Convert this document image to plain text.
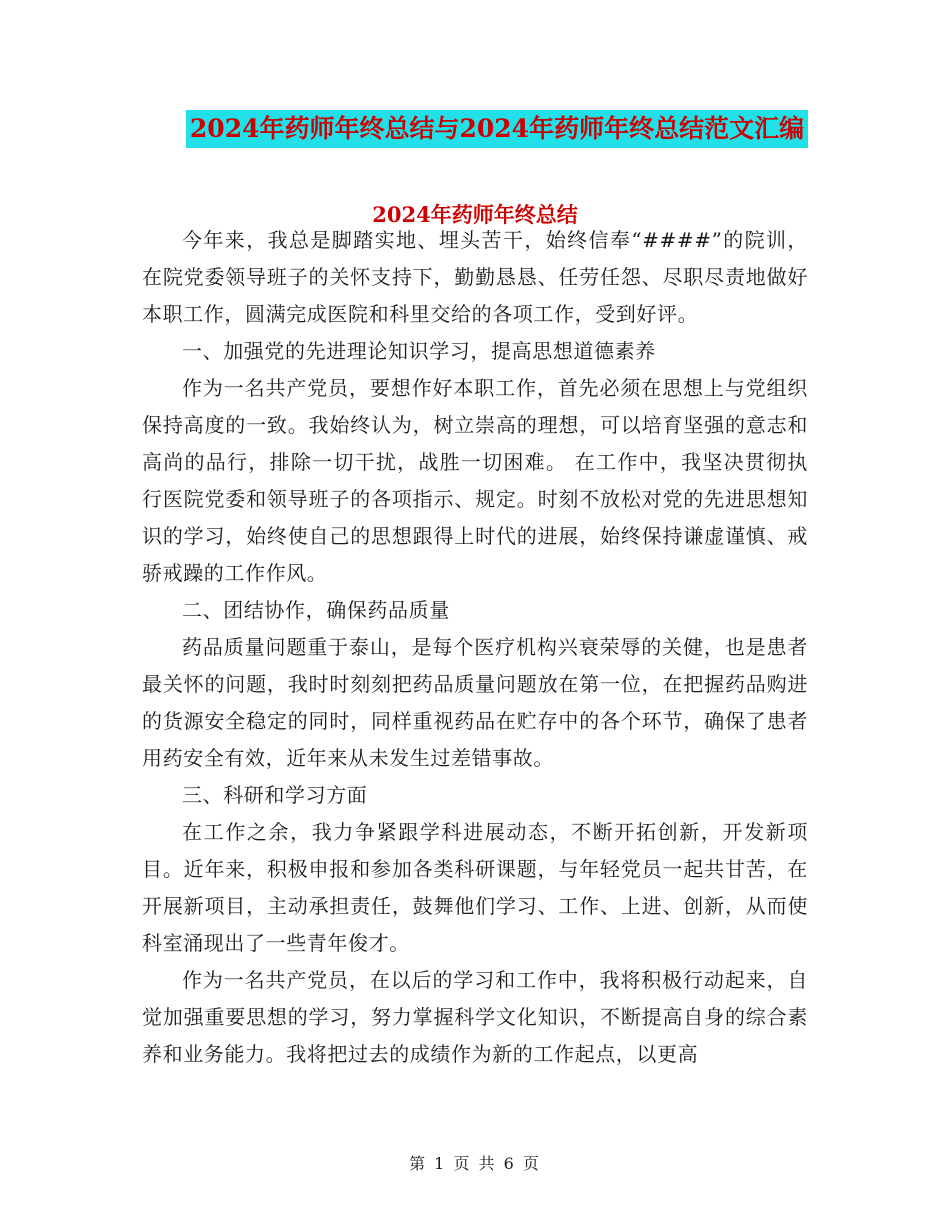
2024年药师年终总结与2024年药师年终总结范文汇编
2024年药师年终总结

今年来，我总是脚踏实地、埋头苦干，始终信奉“####”的院训，在院党委领导班子的关怀支持下，勤勤恳恳、任劳任怨、尽职尽责地做好本职工作，圆满完成医院和科里交给的各项工作，受到好评。

一、加强党的先进理论知识学习，提高思想道德素养

作为一名共产党员，要想作好本职工作，首先必须在思想上与党组织保持高度的一致。我始终认为，树立崇高的理想，可以培育坚强的意志和高尚的品行，排除一切干扰，战胜一切困难。 在工作中，我坚决贯彻执行医院党委和领导班子的各项指示、规定。时刻不放松对党的先进思想知识的学习，始终使自己的思想跟得上时代的进展，始终保持谦虚谨慎、戒骄戒躁的工作作风。

二、团结协作，确保药品质量

药品质量问题重于泰山，是每个医疗机构兴衰荣辱的关健，也是患者最关怀的问题，我时时刻刻把药品质量问题放在第一位，在把握药品购进的货源安全稳定的同时，同样重视药品在贮存中的各个环节，确保了患者用药安全有效，近年来从未发生过差错事故。

三、科研和学习方面

在工作之余，我力争紧跟学科进展动态，不断开拓创新，开发新项目。近年来，积极申报和参加各类科研课题，与年轻党员一起共甘苦，在开展新项目，主动承担责任，鼓舞他们学习、工作、上进、创新，从而使科室涌现出了一些青年俊才。

作为一名共产党员，在以后的学习和工作中，我将积极行动起来，自觉加强重要思想的学习，努力掌握科学文化知识，不断提高自身的综合素养和业务能力。我将把过去的成绩作为新的工作起点，以更高

第 1 页 共 6 页
